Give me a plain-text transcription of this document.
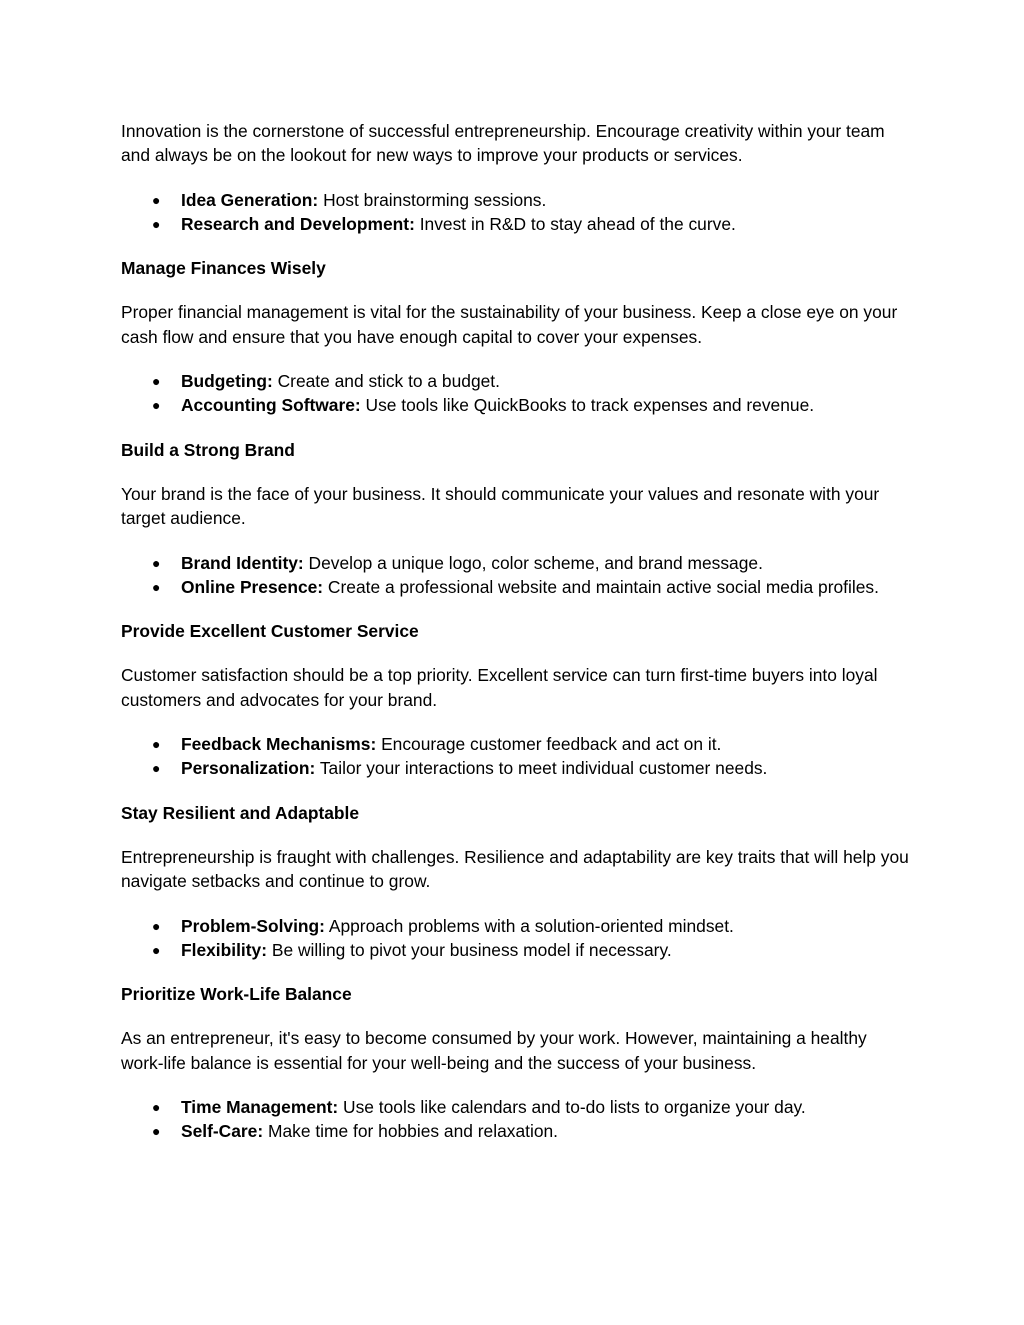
Innovation is the cornerstone of successful entrepreneurship. Encourage creativity within your team and always be on the lookout for new ways to improve your products or services.

● Idea Generation: Host brainstorming sessions.
● Research and Development: Invest in R&D to stay ahead of the curve.
Manage Finances Wisely

Proper financial management is vital for the sustainability of your business. Keep a close eye on your cash flow and ensure that you have enough capital to cover your expenses.

● Budgeting: Create and stick to a budget.
● Accounting Software: Use tools like QuickBooks to track expenses and revenue.
Build a Strong Brand

Your brand is the face of your business. It should communicate your values and resonate with your target audience.

● Brand Identity: Develop a unique logo, color scheme, and brand message.
● Online Presence: Create a professional website and maintain active social media profiles.
Provide Excellent Customer Service

Customer satisfaction should be a top priority. Excellent service can turn first-time buyers into loyal customers and advocates for your brand.

● Feedback Mechanisms: Encourage customer feedback and act on it.
● Personalization: Tailor your interactions to meet individual customer needs.
Stay Resilient and Adaptable

Entrepreneurship is fraught with challenges. Resilience and adaptability are key traits that will help you navigate setbacks and continue to grow.

● Problem-Solving: Approach problems with a solution-oriented mindset.
● Flexibility: Be willing to pivot your business model if necessary.
Prioritize Work-Life Balance

As an entrepreneur, it's easy to become consumed by your work. However, maintaining a healthy work-life balance is essential for your well-being and the success of your business.

● Time Management: Use tools like calendars and to-do lists to organize your day.
● Self-Care: Make time for hobbies and relaxation.
